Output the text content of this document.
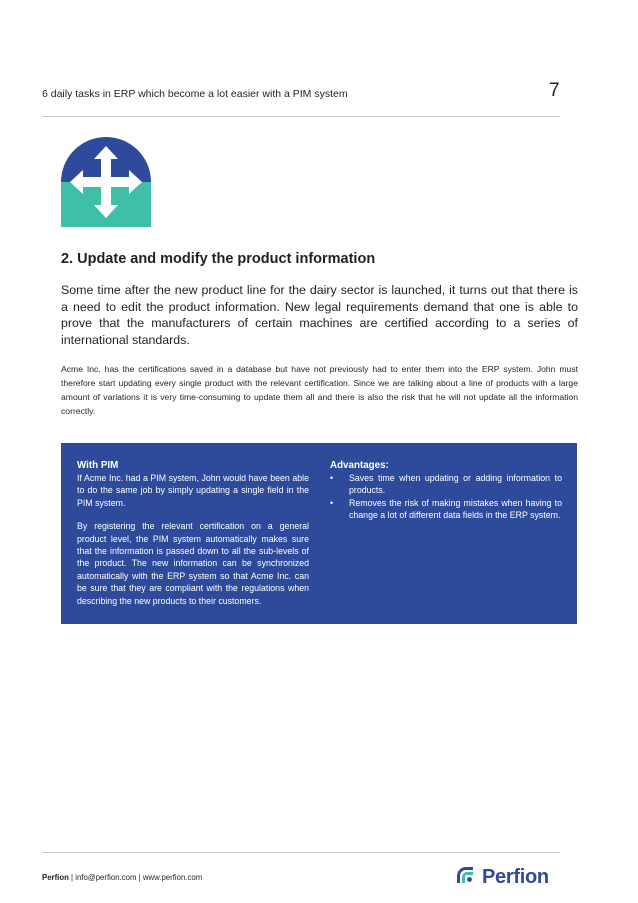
6 daily tasks in ERP which become a lot easier with a PIM system	7
2. Update and modify the product information

Some time after the new product line for the dairy sector is launched, it turns out that there is a need to edit the product information. New legal requirements demand that one is able to prove that the manufacturers of certain machines are certified according to a series of international standards.

Acme Inc. has the certifications saved in a database but have not previously had to enter them into the ERP system. John must therefore start updating every single product with the relevant certification. Since we are talking about a line of products with a large amount of variations it is very time-consuming to update them all and there is also the risk that he will not update all the information correctly.

With PIM

If Acme Inc. had a PIM system, John would have been able to do the same job by simply updating a single field in the PIM system.

By registering the relevant certification on a general product level, the PIM system automatically makes sure that the information is passed down to all the sub-levels of the product. The new information can be synchronized automatically with the ERP system so that Acme Inc. can be sure that they are compliant with the regulations when describing the new products to their customers.

Advantages:

• Saves time when updating or adding information to products.
• Removes the risk of making mistakes when having to change a lot of different data fields in the ERP system.
Perfion | info@perfion.com | www.perfion.com	Perfion
